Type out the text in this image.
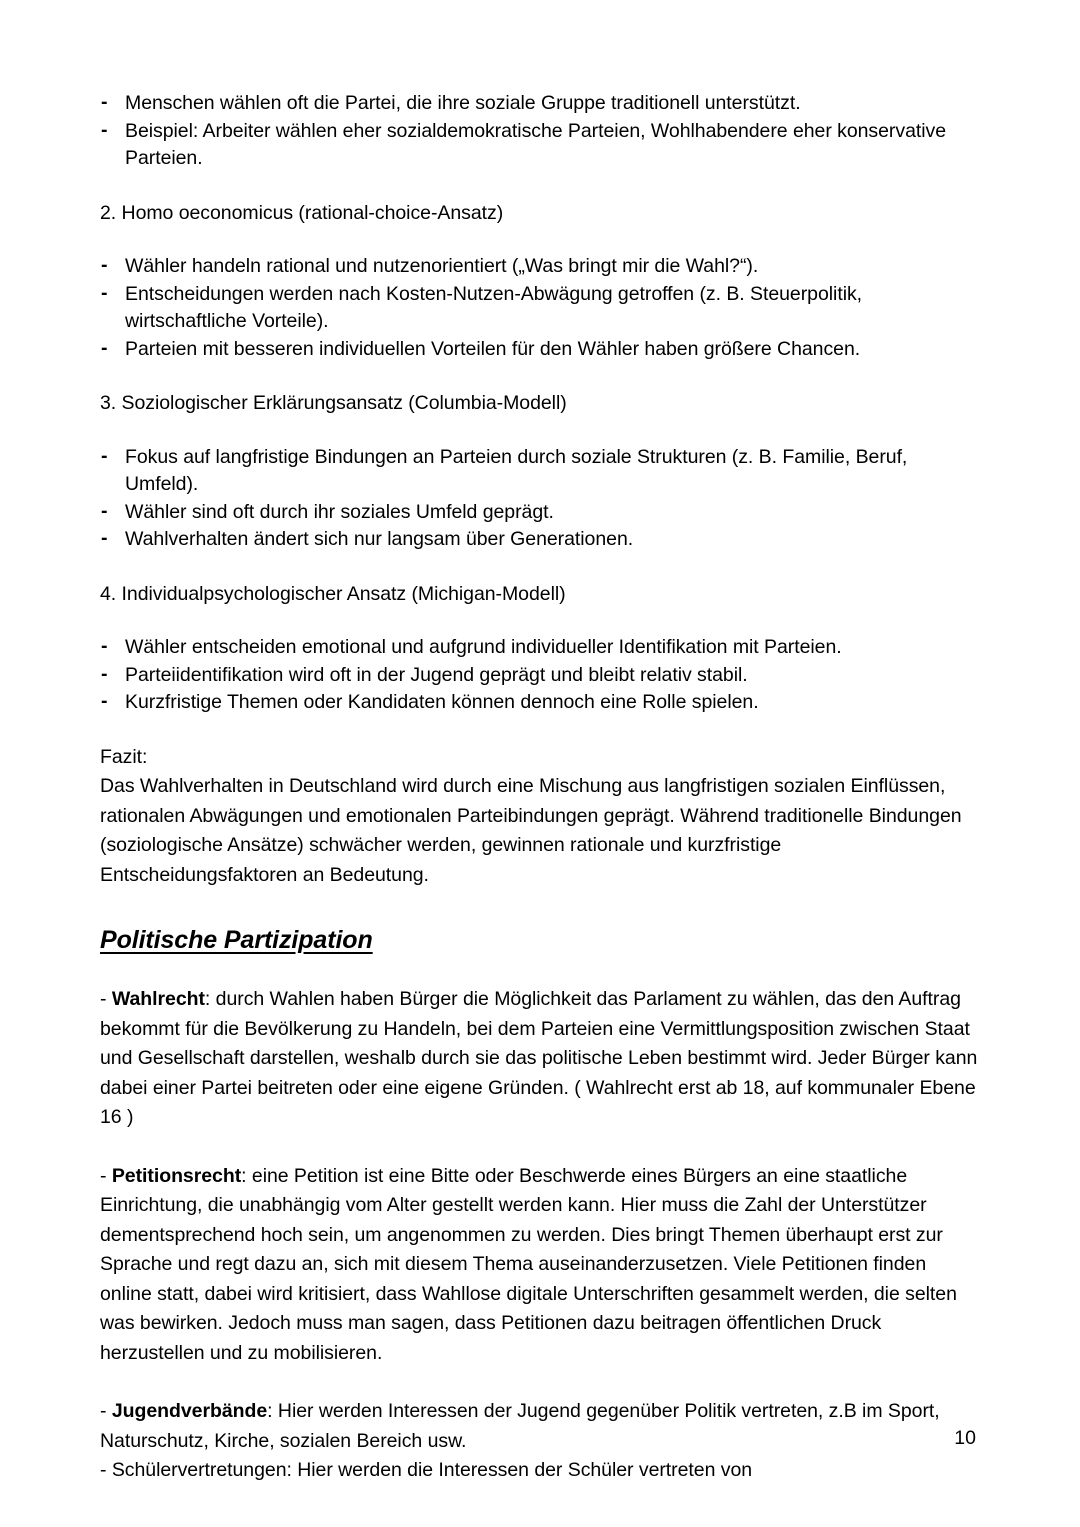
- Menschen wählen oft die Partei, die ihre soziale Gruppe traditionell unterstützt.
- Beispiel: Arbeiter wählen eher sozialdemokratische Parteien, Wohlhabendere eher konservative Parteien.
2. Homo oeconomicus (rational-choice-Ansatz)
- Wähler handeln rational und nutzenorientiert („Was bringt mir die Wahl?“).
- Entscheidungen werden nach Kosten-Nutzen-Abwägung getroffen (z. B. Steuerpolitik, wirtschaftliche Vorteile).
- Parteien mit besseren individuellen Vorteilen für den Wähler haben größere Chancen.
3. Soziologischer Erklärungsansatz (Columbia-Modell)
- Fokus auf langfristige Bindungen an Parteien durch soziale Strukturen (z. B. Familie, Beruf, Umfeld).
- Wähler sind oft durch ihr soziales Umfeld geprägt.
- Wahlverhalten ändert sich nur langsam über Generationen.
4. Individualpsychologischer Ansatz (Michigan-Modell)
- Wähler entscheiden emotional und aufgrund individueller Identifikation mit Parteien.
- Parteiidentifikation wird oft in der Jugend geprägt und bleibt relativ stabil.
- Kurzfristige Themen oder Kandidaten können dennoch eine Rolle spielen.
Fazit:
Das Wahlverhalten in Deutschland wird durch eine Mischung aus langfristigen sozialen Einflüssen, rationalen Abwägungen und emotionalen Parteibindungen geprägt. Während traditionelle Bindungen (soziologische Ansätze) schwächer werden, gewinnen rationale und kurzfristige Entscheidungsfaktoren an Bedeutung.
Politische Partizipation
- Wahlrecht: durch Wahlen haben Bürger die Möglichkeit das Parlament zu wählen, das den Auftrag bekommt für die Bevölkerung zu Handeln, bei dem Parteien eine Vermittlungsposition zwischen Staat und Gesellschaft darstellen, weshalb durch sie das politische Leben bestimmt wird. Jeder Bürger kann dabei einer Partei beitreten oder eine eigene Gründen. ( Wahlrecht erst ab 18, auf kommunaler Ebene 16 )
- Petitionsrecht: eine Petition ist eine Bitte oder Beschwerde eines Bürgers an eine staatliche Einrichtung, die unabhängig vom Alter gestellt werden kann. Hier muss die Zahl der Unterstützer dementsprechend hoch sein, um angenommen zu werden. Dies bringt Themen überhaupt erst zur Sprache und regt dazu an, sich mit diesem Thema auseinanderzusetzen. Viele Petitionen finden online statt, dabei wird kritisiert, dass Wahllose digitale Unterschriften gesammelt werden, die selten was bewirken. Jedoch muss man sagen, dass Petitionen dazu beitragen öffentlichen Druck herzustellen und zu mobilisieren.
- Jugendverbände: Hier werden Interessen der Jugend gegenüber Politik vertreten, z.B im Sport, Naturschutz, Kirche, sozialen Bereich usw.
- Schülervertretungen: Hier werden die Interessen der Schüler vertreten von
10
